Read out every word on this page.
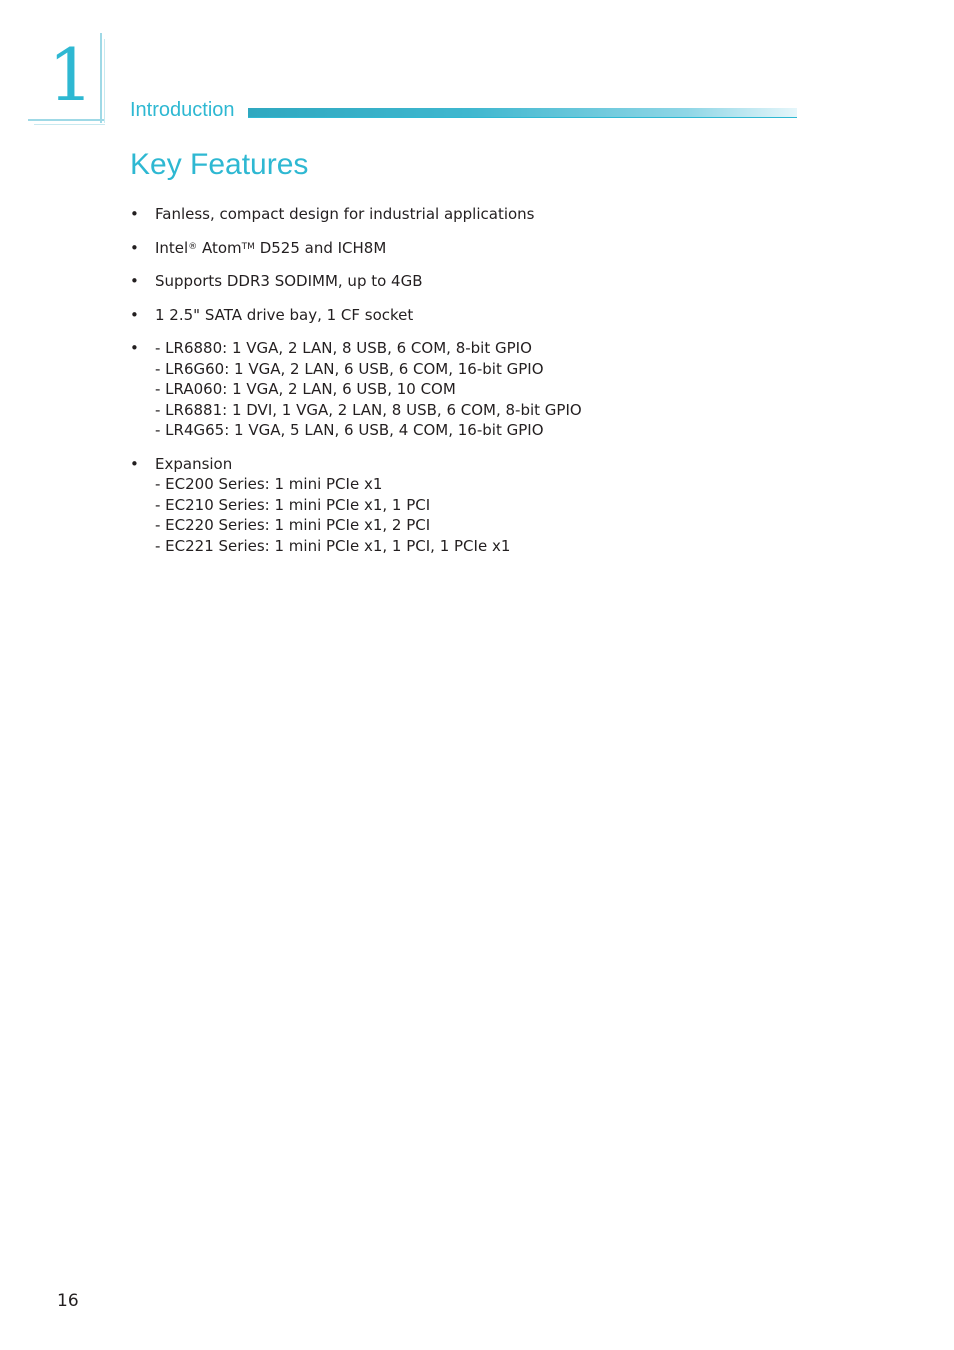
1 Introduction
Key Features
• Fanless, compact design for industrial applications
• Intel® Atom™ D525 and ICH8M
• Supports DDR3 SODIMM, up to 4GB
• 1 2.5" SATA drive bay, 1 CF socket
• - LR6880: 1 VGA, 2 LAN, 8 USB, 6 COM, 8-bit GPIO
- LR6G60: 1 VGA, 2 LAN, 6 USB, 6 COM, 16-bit GPIO
- LRA060: 1 VGA, 2 LAN, 6 USB, 10 COM
- LR6881: 1 DVI, 1 VGA, 2 LAN, 8 USB, 6 COM, 8-bit GPIO
- LR4G65: 1 VGA, 5 LAN, 6 USB, 4 COM, 16-bit GPIO
• Expansion
- EC200 Series: 1 mini PCIe x1
- EC210 Series: 1 mini PCIe x1, 1 PCI
- EC220 Series: 1 mini PCIe x1, 2 PCI
- EC221 Series: 1 mini PCIe x1, 1 PCI, 1 PCIe x1
16
